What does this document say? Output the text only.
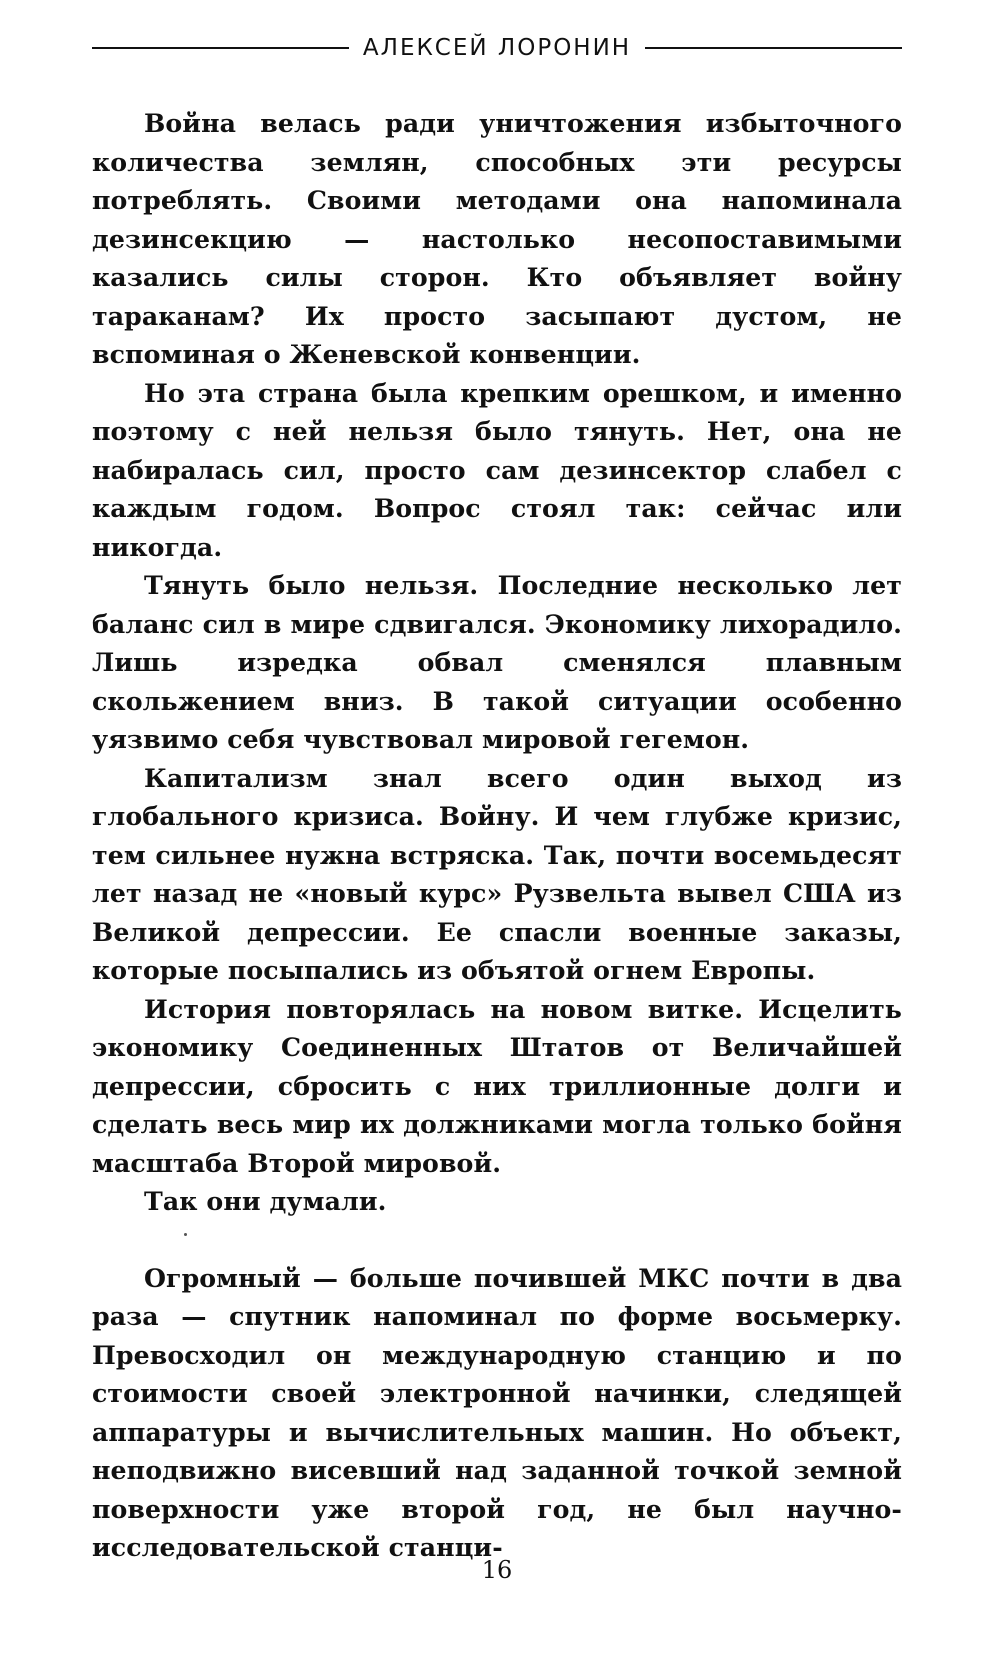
АЛЕКСЕЙ ЛОРОНИН

Война велась ради уничтожения избыточного количества землян, способных эти ресурсы потреблять. Своими методами она напоминала дезинсекцию — настолько несопоставимыми казались силы сторон. Кто объявляет войну тараканам? Их просто засыпают дустом, не вспоминая о Женевской конвенции.

Но эта страна была крепким орешком, и именно поэтому с ней нельзя было тянуть. Нет, она не набиралась сил, просто сам дезинсектор слабел с каждым годом. Вопрос стоял так: сейчас или никогда.

Тянуть было нельзя. Последние несколько лет баланс сил в мире сдвигался. Экономику лихорадило. Лишь изредка обвал сменялся плавным скольжением вниз. В такой ситуации особенно уязвимо себя чувствовал мировой гегемон.

Капитализм знал всего один выход из глобального кризиса. Войну. И чем глубже кризис, тем сильнее нужна встряска. Так, почти восемьдесят лет назад не «новый курс» Рузвельта вывел США из Великой депрессии. Ее спасли военные заказы, которые посыпались из объятой огнем Европы.

История повторялась на новом витке. Исцелить экономику Соединенных Штатов от Величайшей депрессии, сбросить с них триллионные долги и сделать весь мир их должниками могла только бойня масштаба Второй мировой.

Так они думали.

Огромный — больше почившей МКС почти в два раза — спутник напоминал по форме восьмерку. Превосходил он международную станцию и по стоимости своей электронной начинки, следящей аппаратуры и вычислительных машин. Но объект, неподвижно висевший над заданной точкой земной поверхности уже второй год, не был научно-исследовательской станци-

16
